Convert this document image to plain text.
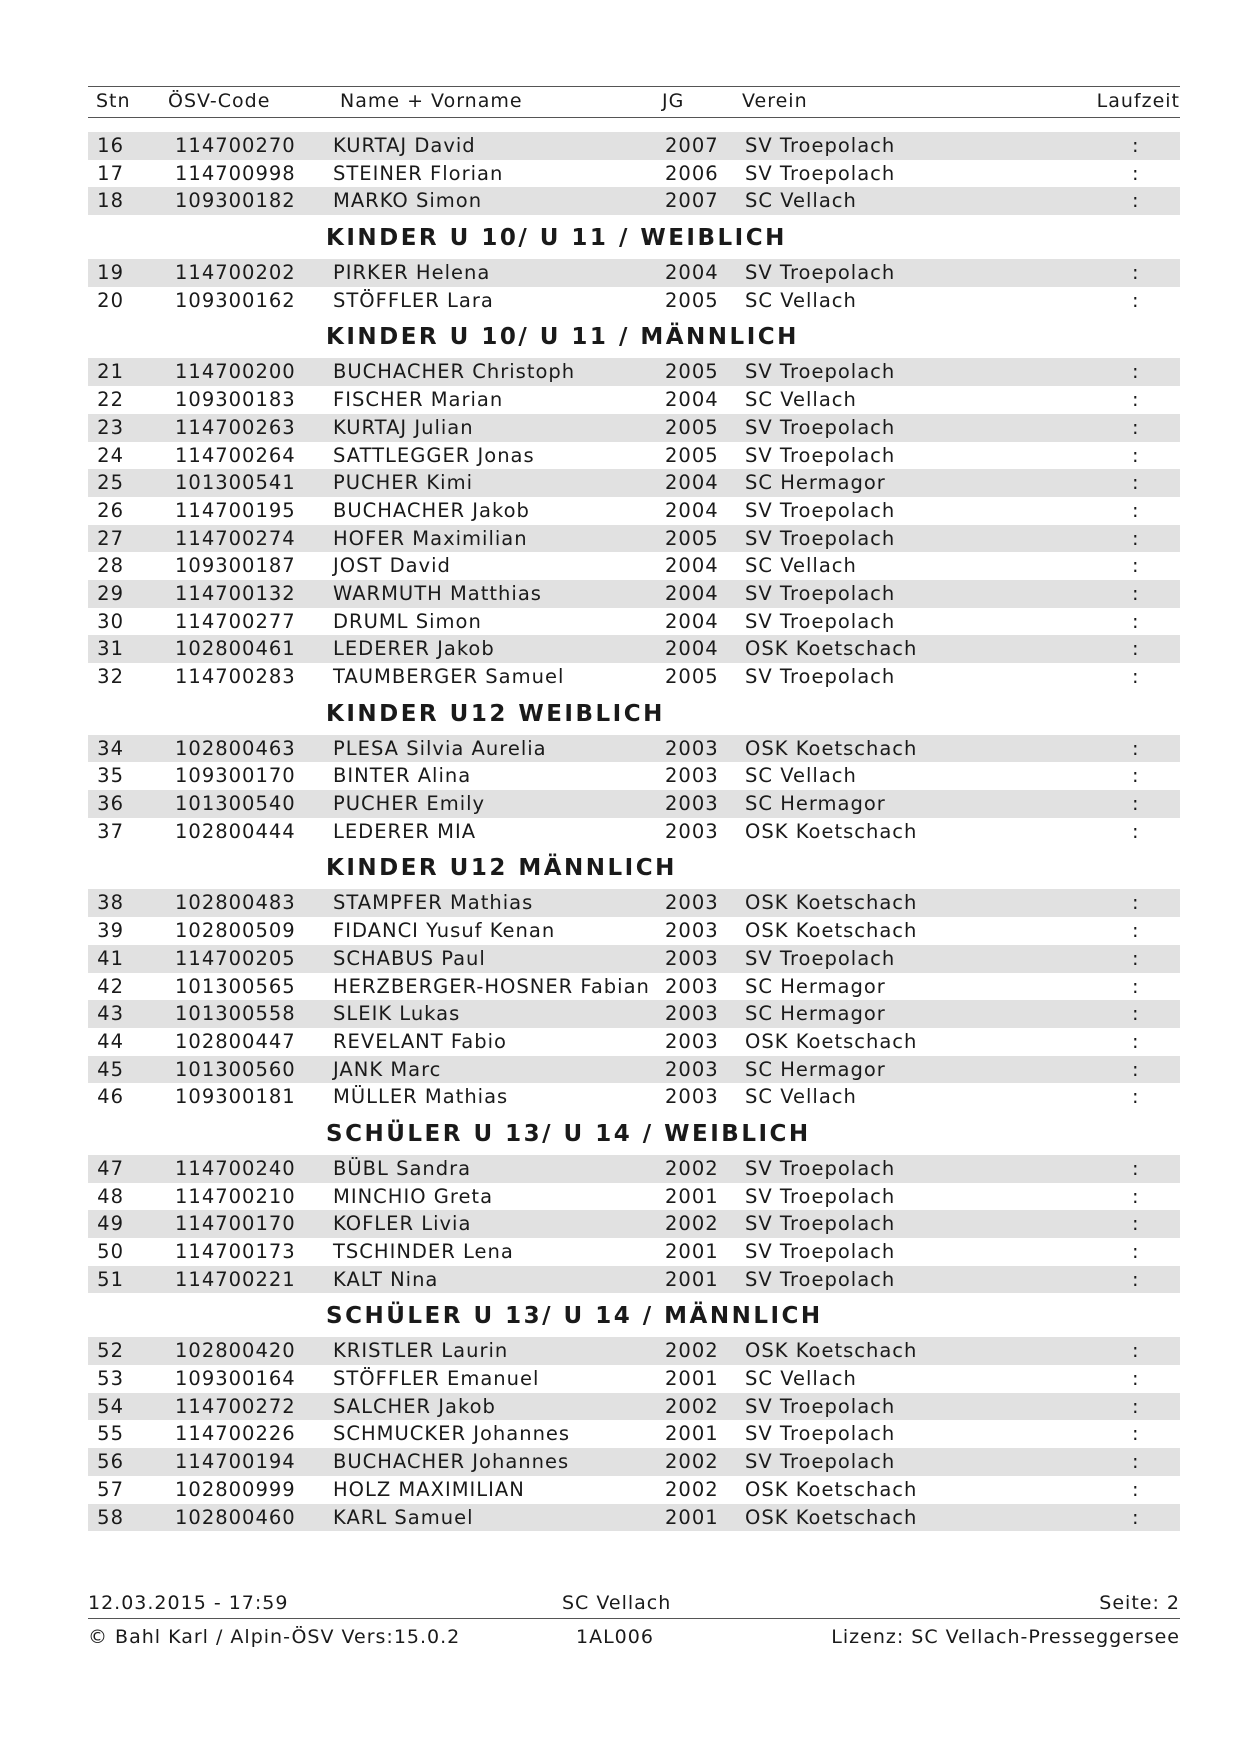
Stn ÖSV-Code	Name + Vorname	JG	Verein	Laufzeit
16	114700270 KURTAJ David	2007 SV Troepolach	:
17	114700998 STEINER Florian	2006 SV Troepolach	:
18	109300182 MARKO Simon	2007 SC Vellach	:
KINDER U 10/ U 11 / WEIBLICH
19	114700202 PIRKER Helena	2004 SV Troepolach	:
20	109300162 STÖFFLER Lara	2005 SC Vellach	:
KINDER U 10/ U 11 / MÄNNLICH
21	114700200 BUCHACHER Christoph	2005 SV Troepolach	:
22	109300183 FISCHER Marian	2004 SC Vellach	:
23	114700263 KURTAJ Julian	2005 SV Troepolach	:
24	114700264 SATTLEGGER Jonas	2005 SV Troepolach	:
25	101300541 PUCHER Kimi	2004 SC Hermagor	:
26	114700195 BUCHACHER Jakob	2004 SV Troepolach	:
27	114700274 HOFER Maximilian	2005 SV Troepolach	:
28	109300187 JOST David	2004 SC Vellach	:
29	114700132 WARMUTH Matthias	2004 SV Troepolach	:
30	114700277 DRUML Simon	2004 SV Troepolach	:
31	102800461 LEDERER Jakob	2004 OSK Koetschach	:
32	114700283 TAUMBERGER Samuel	2005 SV Troepolach	:
KINDER U12 WEIBLICH
34	102800463 PLESA Silvia Aurelia	2003 OSK Koetschach	:
35	109300170 BINTER Alina	2003 SC Vellach	:
36	101300540 PUCHER Emily	2003 SC Hermagor	:
37	102800444 LEDERER MIA	2003 OSK Koetschach	:
KINDER U12 MÄNNLICH
38	102800483 STAMPFER Mathias	2003 OSK Koetschach	:
39	102800509 FIDANCI Yusuf Kenan	2003 OSK Koetschach	:
41	114700205 SCHABUS Paul	2003 SV Troepolach	:
42	101300565 HERZBERGER-HOSNER Fabian 2003 SC Hermagor	:
43	101300558 SLEIK Lukas	2003 SC Hermagor	:
44	102800447 REVELANT Fabio	2003 OSK Koetschach	:
45	101300560 JANK Marc	2003 SC Hermagor	:
46	109300181 MÜLLER Mathias	2003 SC Vellach	:
SCHÜLER U 13/ U 14 / WEIBLICH
47	114700240 BÜBL Sandra	2002 SV Troepolach	:
48	114700210 MINCHIO Greta	2001 SV Troepolach	:
49	114700170 KOFLER Livia	2002 SV Troepolach	:
50	114700173 TSCHINDER Lena	2001 SV Troepolach	:
51	114700221 KALT Nina	2001 SV Troepolach	:
SCHÜLER U 13/ U 14 / MÄNNLICH
52	102800420 KRISTLER Laurin	2002 OSK Koetschach	:
53	109300164 STÖFFLER Emanuel	2001 SC Vellach	:
54	114700272 SALCHER Jakob	2002 SV Troepolach	:
55	114700226 SCHMUCKER Johannes	2001 SV Troepolach	:
56	114700194 BUCHACHER Johannes	2002 SV Troepolach	:
57	102800999 HOLZ MAXIMILIAN	2002 OSK Koetschach	:
58	102800460 KARL Samuel	2001 OSK Koetschach	:
12.03.2015 - 17:59	SC Vellach	Seite: 2
© Bahl Karl / Alpin-ÖSV Vers:15.0.2	1AL006	Lizenz: SC Vellach-Presseggersee
